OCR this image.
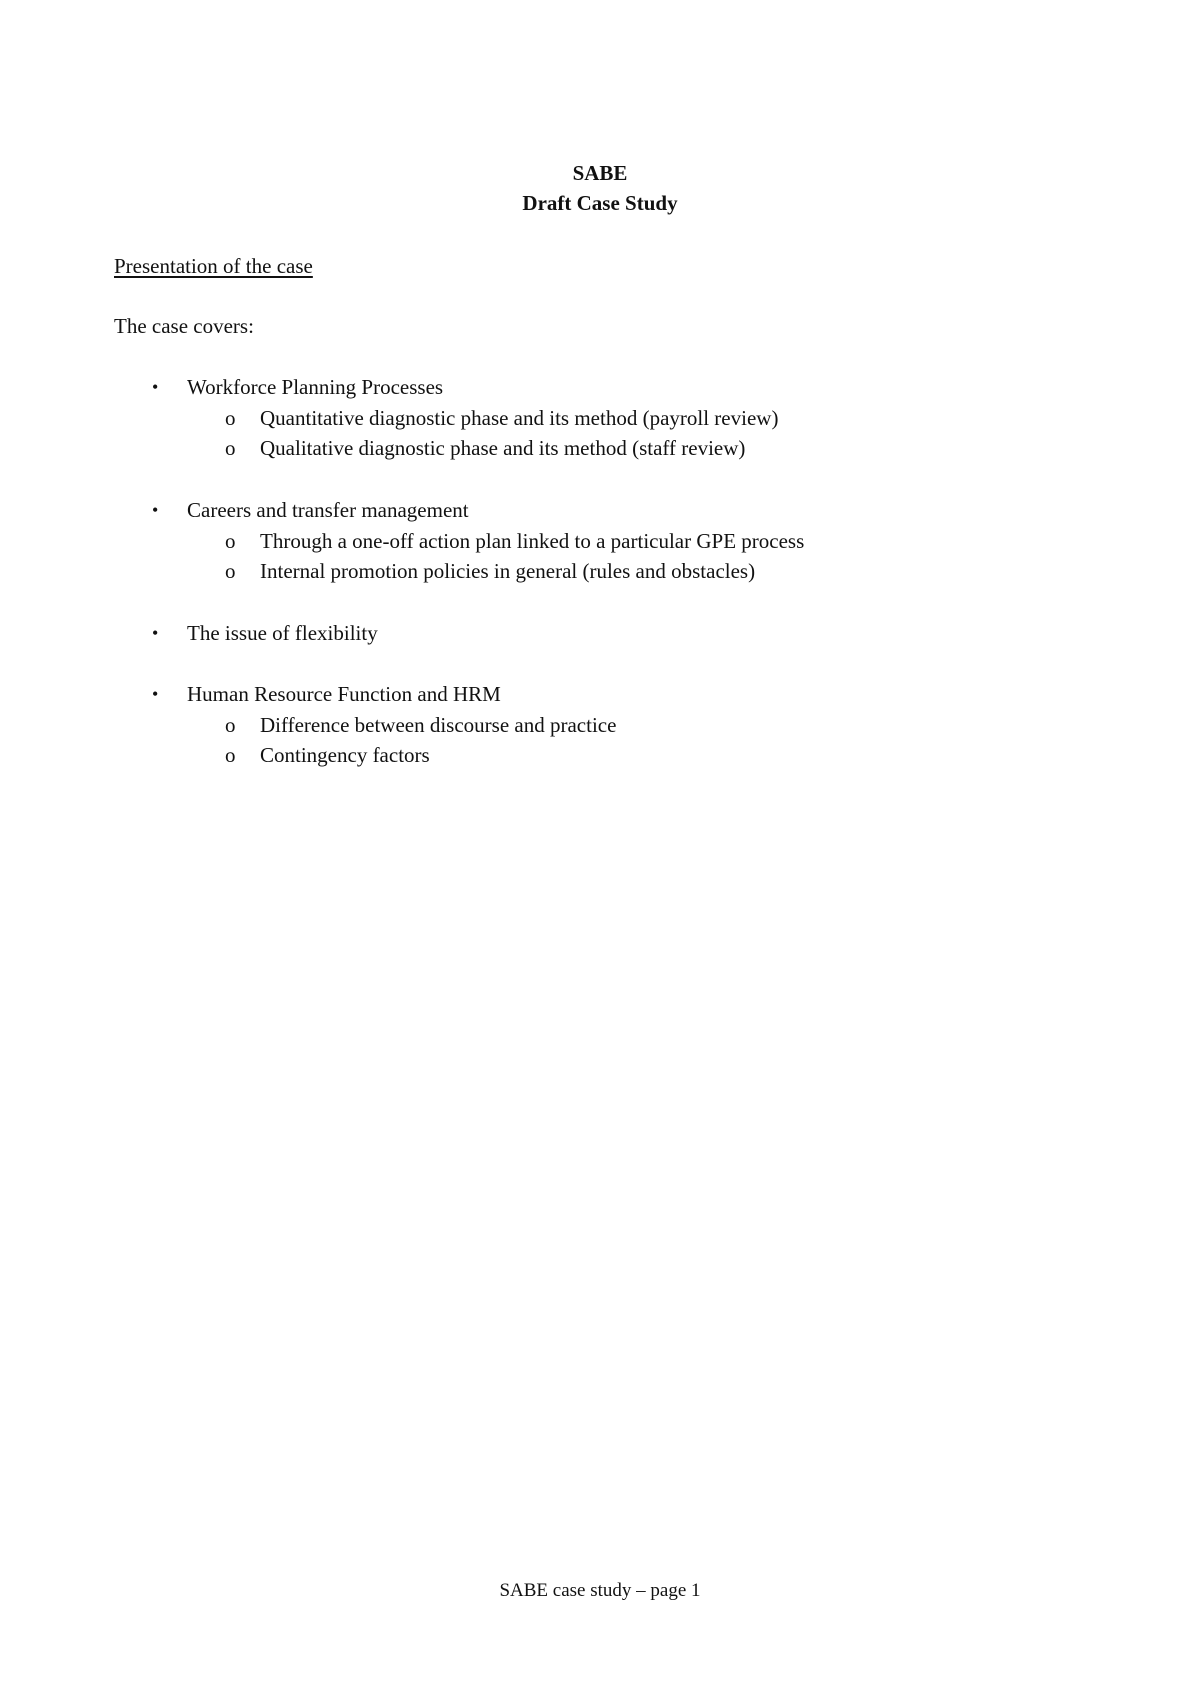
SABE
Draft Case Study
Presentation of the case
The case covers:
• Workforce Planning Processes
o Quantitative diagnostic phase and its method (payroll review)
o Qualitative diagnostic phase and its method (staff review)
• Careers and transfer management
o Through a one-off action plan linked to a particular GPE process
o Internal promotion policies in general (rules and obstacles)
• The issue of flexibility
• Human Resource Function and HRM
o Difference between discourse and practice
o Contingency factors
SABE case study – page 1
